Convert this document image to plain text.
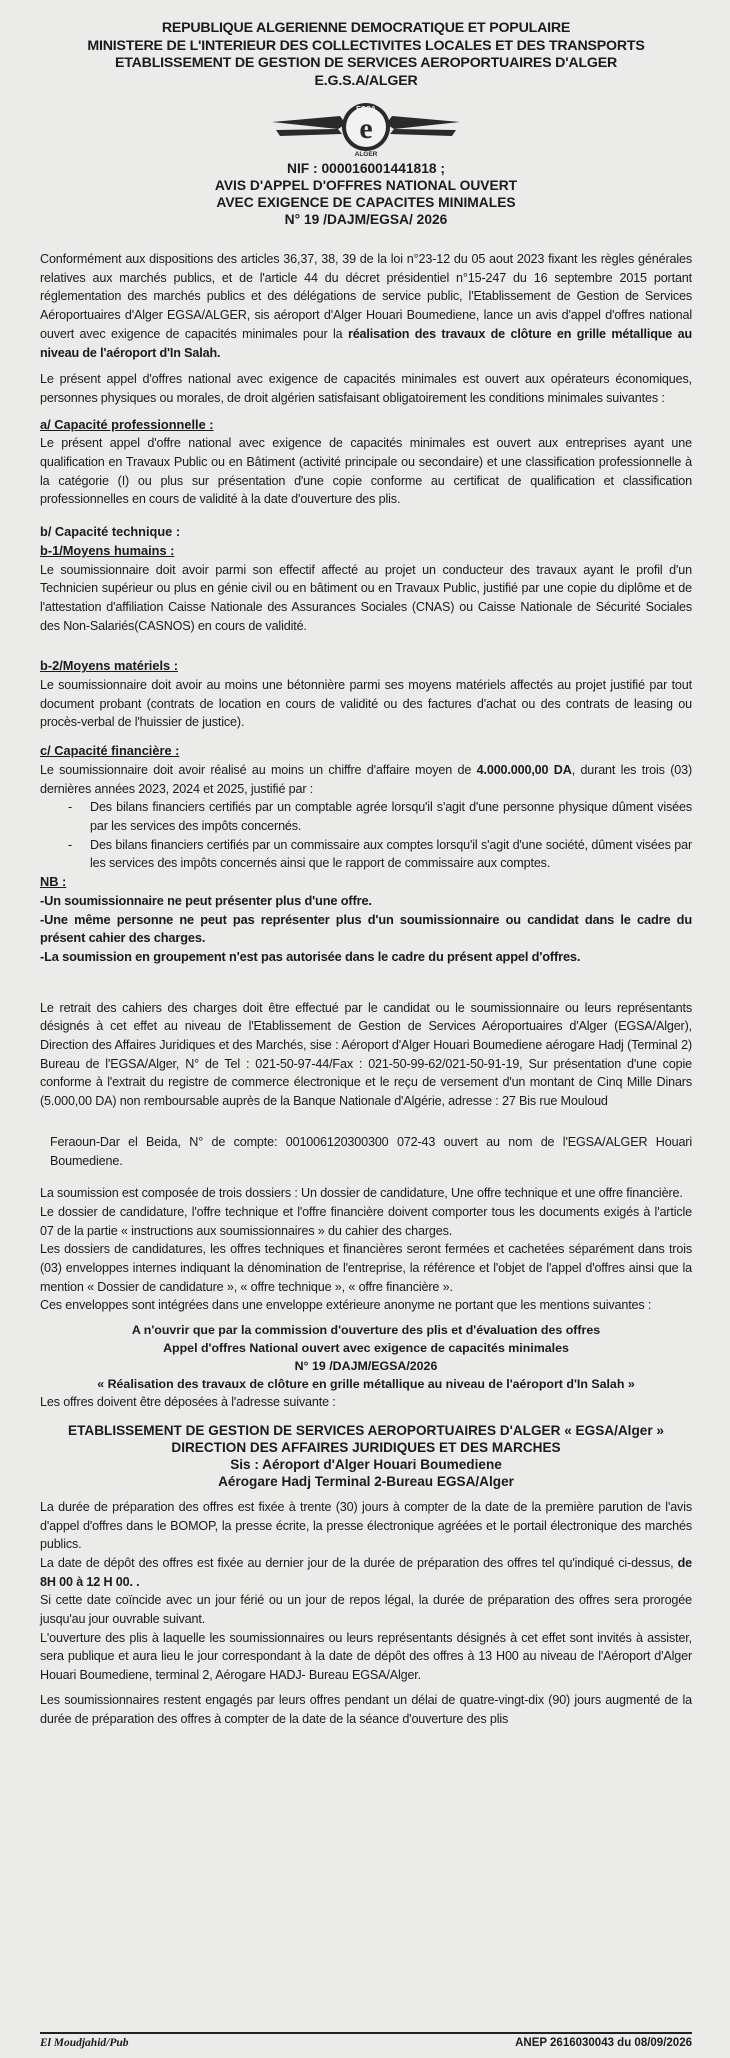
REPUBLIQUE ALGERIENNE DEMOCRATIQUE ET POPULAIRE
MINISTERE DE L'INTERIEUR DES COLLECTIVITES LOCALES ET DES TRANSPORTS
ETABLISSEMENT DE GESTION DE SERVICES AEROPORTUAIRES D'ALGER
E.G.S.A/ALGER
EGSA
e
ALGER
NIF : 000016001441818 ;
AVIS D'APPEL D'OFFRES NATIONAL OUVERT
AVEC EXIGENCE DE CAPACITES MINIMALES
N° 19 /DAJM/EGSA/ 2026

Conformément aux dispositions des articles 36,37, 38, 39 de la loi n°23-12 du 05 aout 2023 fixant les règles générales relatives aux marchés publics, et de l'article 44 du décret présidentiel n°15-247 du 16 septembre 2015 portant réglementation des marchés publics et des délégations de service public, l'Etablissement de Gestion de Services Aéroportuaires d'Alger EGSA/ALGER, sis aéroport d'Alger Houari Boumediene, lance un avis d'appel d'offres national ouvert avec exigence de capacités minimales pour la réalisation des travaux de clôture en grille métallique au niveau de l'aéroport d'In Salah.

Le présent appel d'offres national avec exigence de capacités minimales est ouvert aux opérateurs économiques, personnes physiques ou morales, de droit algérien satisfaisant obligatoirement les conditions minimales suivantes :

a/ Capacité professionnelle :

Le présent appel d'offre national avec exigence de capacités minimales est ouvert aux entreprises ayant une qualification en Travaux Public ou en Bâtiment (activité principale ou secondaire) et une classification professionnelle à la catégorie (I) ou plus sur présentation d'une copie conforme au certificat de qualification et classification professionnelles en cours de validité à la date d'ouverture des plis.

b/ Capacité technique :
b-1/Moyens humains :

Le soumissionnaire doit avoir parmi son effectif affecté au projet un conducteur des travaux ayant le profil d'un Technicien supérieur ou plus en génie civil ou en bâtiment ou en Travaux Public, justifié par une copie du diplôme et de l'attestation d'affiliation Caisse Nationale des Assurances Sociales (CNAS) ou Caisse Nationale de Sécurité Sociales des Non-Salariés(CASNOS) en cours de validité.

b-2/Moyens matériels :

Le soumissionnaire doit avoir au moins une bétonnière parmi ses moyens matériels affectés au projet justifié par tout document probant (contrats de location en cours de validité ou des factures d'achat ou des contrats de leasing ou procès-verbal de l'huissier de justice).

c/ Capacité financière :

Le soumissionnaire doit avoir réalisé au moins un chiffre d'affaire moyen de 4.000.000,00 DA, durant les trois (03) dernières années 2023, 2024 et 2025, justifié par :

- Des bilans financiers certifiés par un comptable agrée lorsqu'il s'agit d'une personne physique dûment visées par les services des impôts concernés.
- Des bilans financiers certifiés par un commissaire aux comptes lorsqu'il s'agit d'une société, dûment visées par les services des impôts concernés ainsi que le rapport de commissaire aux comptes.
NB :

-Un soumissionnaire ne peut présenter plus d'une offre.

-Une même personne ne peut pas représenter plus d'un soumissionnaire ou candidat dans le cadre du présent cahier des charges.

-La soumission en groupement n'est pas autorisée dans le cadre du présent appel d'offres.

Le retrait des cahiers des charges doit être effectué par le candidat ou le soumissionnaire ou leurs représentants désignés à cet effet au niveau de l'Etablissement de Gestion de Services Aéroportuaires d'Alger (EGSA/Alger), Direction des Affaires Juridiques et des Marchés, sise : Aéroport d'Alger Houari Boumediene aérogare Hadj (Terminal 2) Bureau de l'EGSA/Alger, N° de Tel : 021-50-97-44/Fax : 021-50-99-62/021-50-91-19, Sur présentation d'une copie conforme à l'extrait du registre de commerce électronique et le reçu de versement d'un montant de Cinq Mille Dinars (5.000,00 DA) non remboursable auprès de la Banque Nationale d'Algérie, adresse : 27 Bis rue Mouloud

Feraoun-Dar el Beida, N° de compte: 001006120300300 072-43 ouvert au nom de l'EGSA/ALGER Houari Boumediene.

La soumission est composée de trois dossiers : Un dossier de candidature, Une offre technique et une offre financière.

Le dossier de candidature, l'offre technique et l'offre financière doivent comporter tous les documents exigés à l'article 07 de la partie « instructions aux soumissionnaires » du cahier des charges.

Les dossiers de candidatures, les offres techniques et financières seront fermées et cachetées séparément dans trois (03) enveloppes internes indiquant la dénomination de l'entreprise, la référence et l'objet de l'appel d'offres ainsi que la mention « Dossier de candidature », « offre technique », « offre financière ».

Ces enveloppes sont intégrées dans une enveloppe extérieure anonyme ne portant que les mentions suivantes :

A n'ouvrir que par la commission d'ouverture des plis et d'évaluation des offres
Appel d'offres National ouvert avec exigence de capacités minimales
N° 19 /DAJM/EGSA/2026
« Réalisation des travaux de clôture en grille métallique au niveau de l'aéroport d'In Salah »

Les offres doivent être déposées à l'adresse suivante :

ETABLISSEMENT DE GESTION DE SERVICES AEROPORTUAIRES D'ALGER « EGSA/Alger »
DIRECTION DES AFFAIRES JURIDIQUES ET DES MARCHES
Sis : Aéroport d'Alger Houari Boumediene
Aérogare Hadj Terminal 2-Bureau EGSA/Alger

La durée de préparation des offres est fixée à trente (30) jours à compter de la date de la première parution de l'avis d'appel d'offres dans le BOMOP, la presse écrite, la presse électronique agréées et le portail électronique des marchés publics.

La date de dépôt des offres est fixée au dernier jour de la durée de préparation des offres tel qu'indiqué ci-dessus, de 8H 00 à 12 H 00. .

Si cette date coïncide avec un jour férié ou un jour de repos légal, la durée de préparation des offres sera prorogée jusqu'au jour ouvrable suivant.

L'ouverture des plis à laquelle les soumissionnaires ou leurs représentants désignés à cet effet sont invités à assister, sera publique et aura lieu le jour correspondant à la date de dépôt des offres à 13 H00 au niveau de l'Aéroport d'Alger Houari Boumediene, terminal 2, Aérogare HADJ- Bureau EGSA/Alger.

Les soumissionnaires restent engagés par leurs offres pendant un délai de quatre-vingt-dix (90) jours augmenté de la durée de préparation des offres à compter de la date de la séance d'ouverture des plis

El Moudjahid/Pub	ANEP 2616030043 du 08/09/2026
